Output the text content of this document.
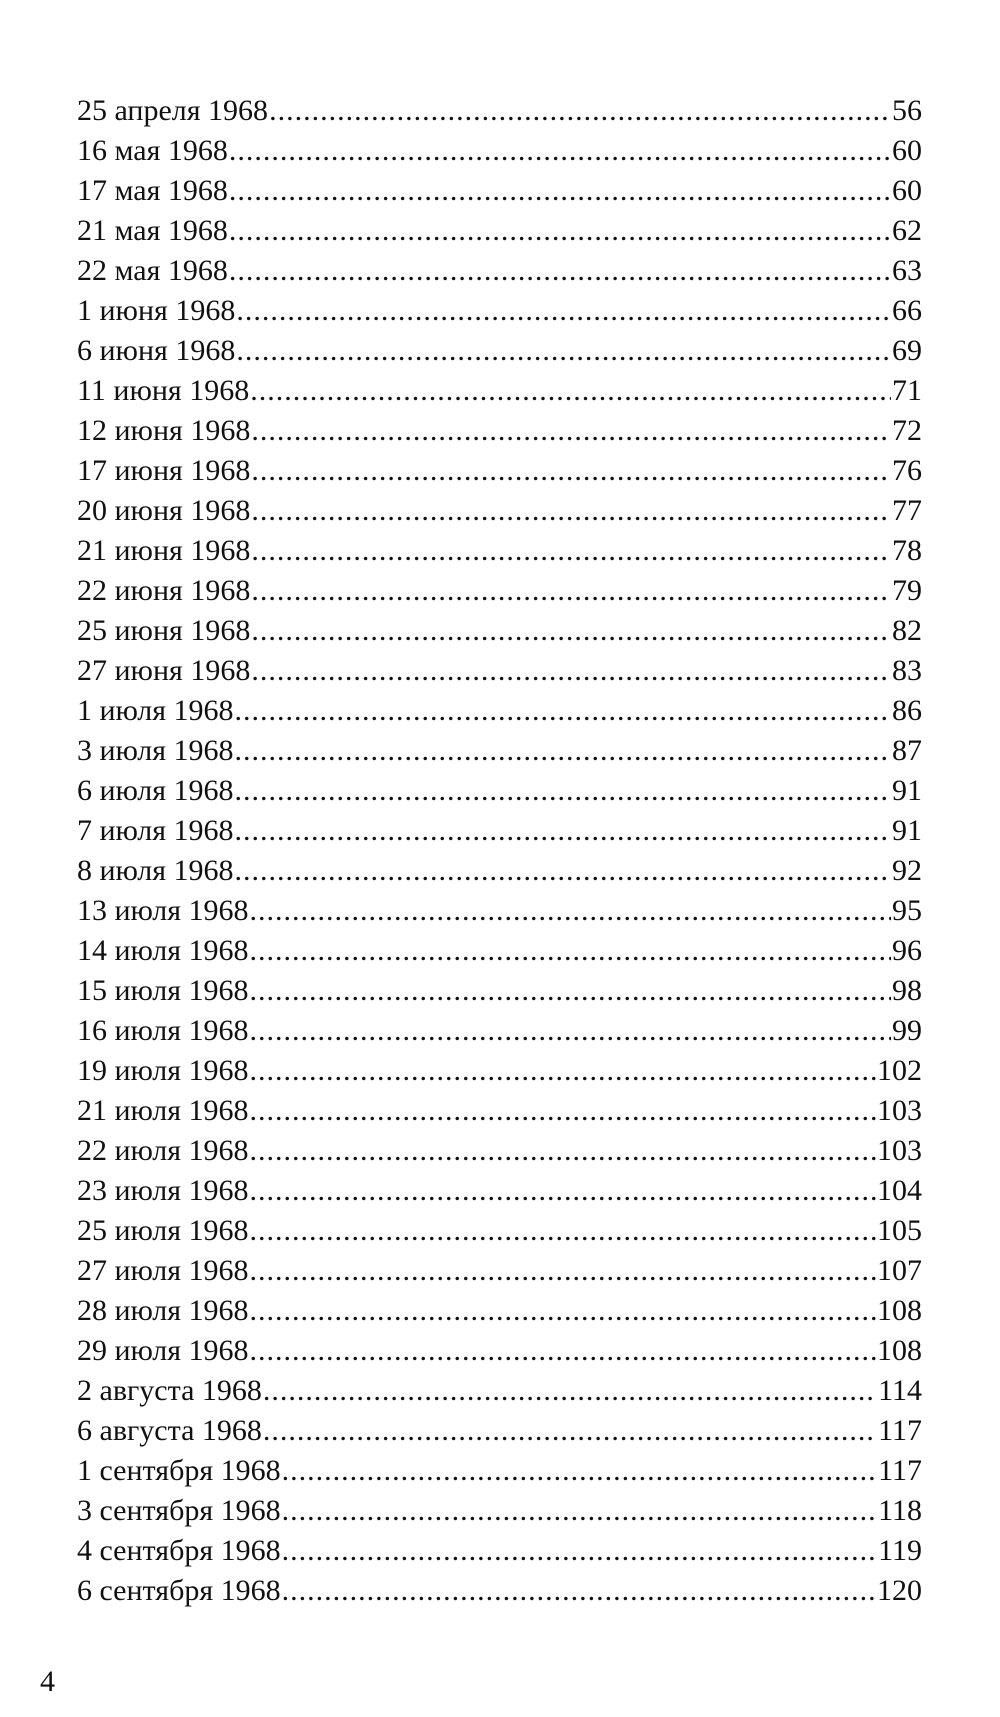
25 апреля 1968 .....	56
16 мая 1968 .....	60
17 мая 1968 .....	60
21 мая 1968 .....	62
22 мая 1968 .....	63
1 июня 1968 .....	66
6 июня 1968 .....	69
11 июня 1968 .....	71
12 июня 1968 .....	72
17 июня 1968 .....	76
20 июня 1968 .....	77
21 июня 1968 .....	78
22 июня 1968 .....	79
25 июня 1968 .....	82
27 июня 1968 .....	83
1 июля 1968 .....	86
3 июля 1968 .....	87
6 июля 1968 .....	91
7 июля 1968 .....	91
8 июля 1968 .....	92
13 июля 1968 .....	95
14 июля 1968 .....	96
15 июля 1968 .....	98
16 июля 1968 .....	99
19 июля 1968 .....	102
21 июля 1968 .....	103
22 июля 1968 .....	103
23 июля 1968 .....	104
25 июля 1968 .....	105
27 июля 1968 .....	107
28 июля 1968 .....	108
29 июля 1968 .....	108
2 августа 1968 .....	114
6 августа 1968 .....	117
1 сентября 1968 .....	117
3 сентября 1968 .....	118
4 сентября 1968 .....	119
6 сентября 1968 .....	120
4
